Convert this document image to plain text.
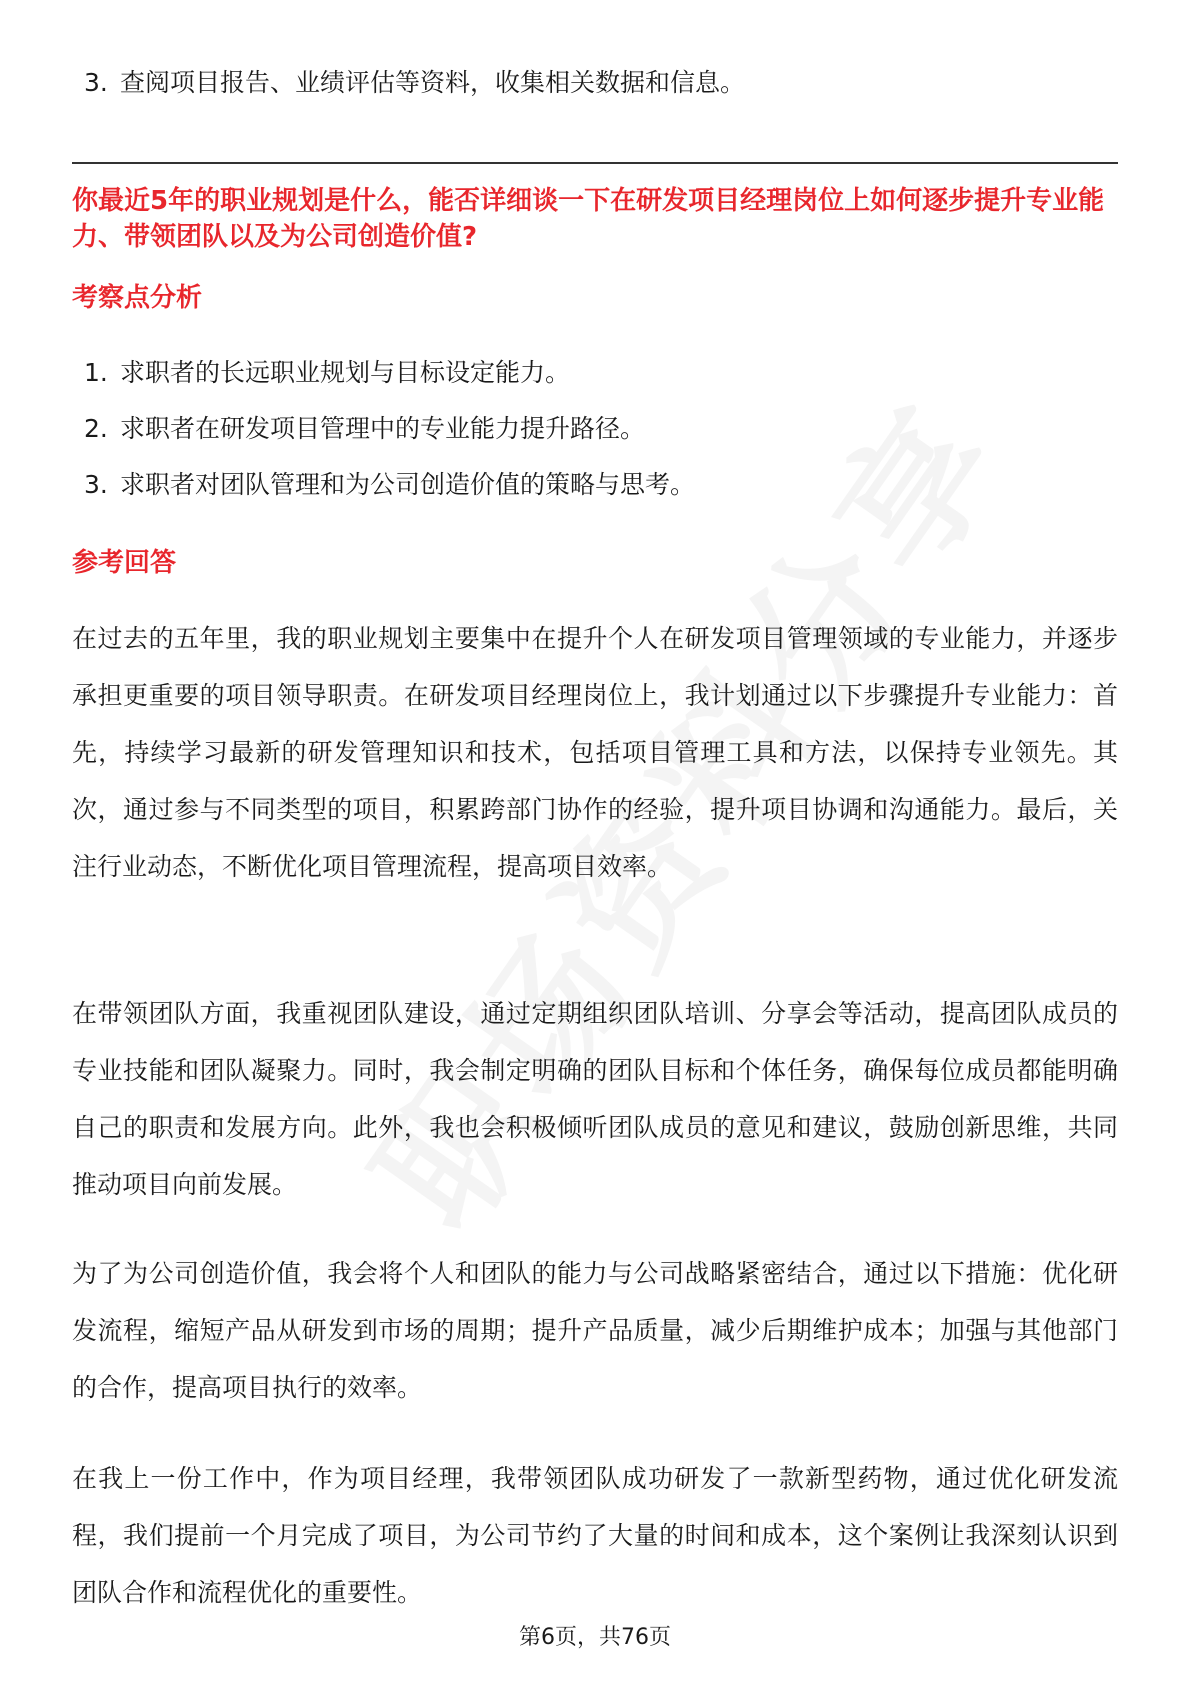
3. 查阅项目报告、业绩评估等资料，收集相关数据和信息。
你最近5年的职业规划是什么，能否详细谈一下在研发项目经理岗位上如何逐步提升专业能力、带领团队以及为公司创造价值?
考察点分析
1. 求职者的长远职业规划与目标设定能力。
2. 求职者在研发项目管理中的专业能力提升路径。
3. 求职者对团队管理和为公司创造价值的策略与思考。
参考回答

在过去的五年里，我的职业规划主要集中在提升个人在研发项目管理领域的专业能力，并逐步承担更重要的项目领导职责。在研发项目经理岗位上，我计划通过以下步骤提升专业能力：首先，持续学习最新的研发管理知识和技术，包括项目管理工具和方法，以保持专业领先。其次，通过参与不同类型的项目，积累跨部门协作的经验，提升项目协调和沟通能力。最后，关注行业动态，不断优化项目管理流程，提高项目效率。

在带领团队方面，我重视团队建设，通过定期组织团队培训、分享会等活动，提高团队成员的专业技能和团队凝聚力。同时，我会制定明确的团队目标和个体任务，确保每位成员都能明确自己的职责和发展方向。此外，我也会积极倾听团队成员的意见和建议，鼓励创新思维，共同推动项目向前发展。

为了为公司创造价值，我会将个人和团队的能力与公司战略紧密结合，通过以下措施：优化研发流程，缩短产品从研发到市场的周期；提升产品质量，减少后期维护成本；加强与其他部门的合作，提高项目执行的效率。

在我上一份工作中，作为项目经理，我带领团队成功研发了一款新型药物，通过优化研发流程，我们提前一个月完成了项目，为公司节约了大量的时间和成本，这个案例让我深刻认识到团队合作和流程优化的重要性。

第6页，共76页
